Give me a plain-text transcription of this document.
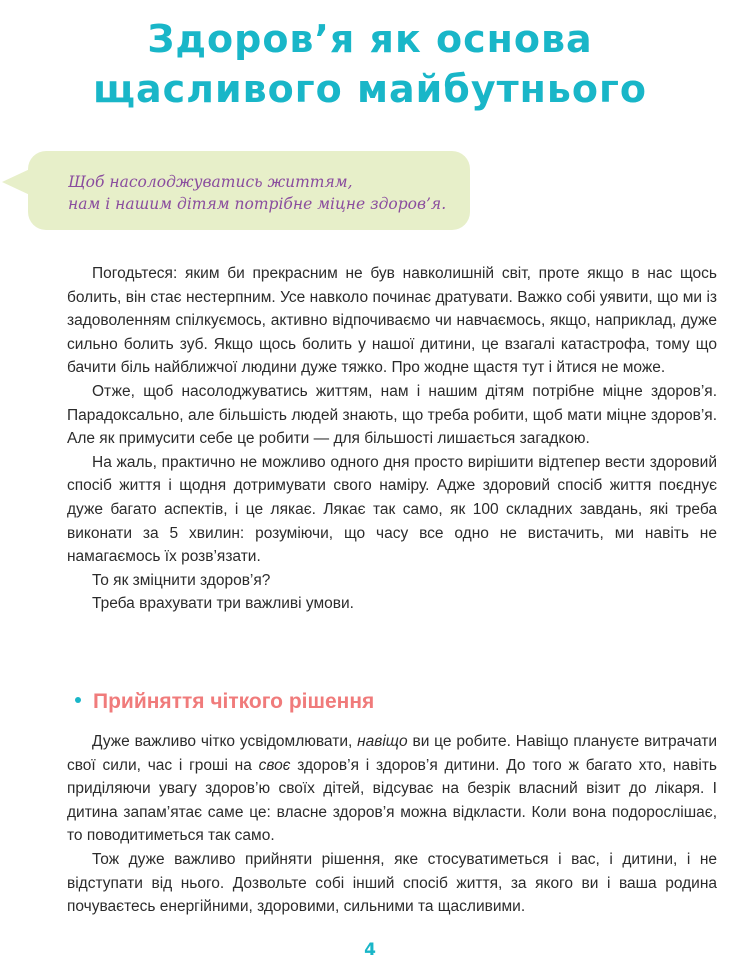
Здоров’я як основа
щасливого майбутнього
Щоб насолоджуватись життям,
нам і нашим дітям потрібне міцне здоров’я.

Погодьтеся: яким би прекрасним не був навколишній світ, проте якщо в нас щось болить, він стає нестерпним. Усе навколо починає дратувати. Важко собі уявити, що ми із задоволенням спілкуємось, активно відпочиваємо чи навчаємось, якщо, наприклад, дуже сильно болить зуб. Якщо щось болить у нашої дитини, це взагалі катастрофа, тому що бачити біль найближчої людини дуже тяжко. Про жодне щастя тут і йтися не може.

Отже, щоб насолоджуватись життям, нам і нашим дітям потрібне міцне здоров’я. Парадоксально, але більшість людей знають, що треба робити, щоб мати міцне здоров’я. Але як примусити себе це робити — для більшості лишається загадкою.

На жаль, практично не можливо одного дня просто вирішити відтепер вести здоровий спосіб життя і щодня дотримувати свого наміру. Адже здоровий спосіб життя поєднує дуже багато аспектів, і це лякає. Лякає так само, як 100 складних завдань, які треба виконати за 5 хвилин: розуміючи, що часу все одно не вистачить, ми навіть не намагаємось їх розв’язати.

То як зміцнити здоров’я?

Треба врахувати три важливі умови.

Прийняття чіткого рішення

Дуже важливо чітко усвідомлювати, навіщо ви це робите. Навіщо плануєте витрачати свої сили, час і гроші на своє здоров’я і здоров’я дитини. До того ж багато хто, навіть приділяючи увагу здоров’ю своїх дітей, відсуває на безрік власний візит до лікаря. І дитина запам’ятає саме це: власне здоров’я можна відкласти. Коли вона подорослішає, то поводитиметься так само.

Тож дуже важливо прийняти рішення, яке стосуватиметься і вас, і дитини, і не відступати від нього. Дозвольте собі інший спосіб життя, за якого ви і ваша родина почуваєтесь енергійними, здоровими, сильними та щасливими.

4
